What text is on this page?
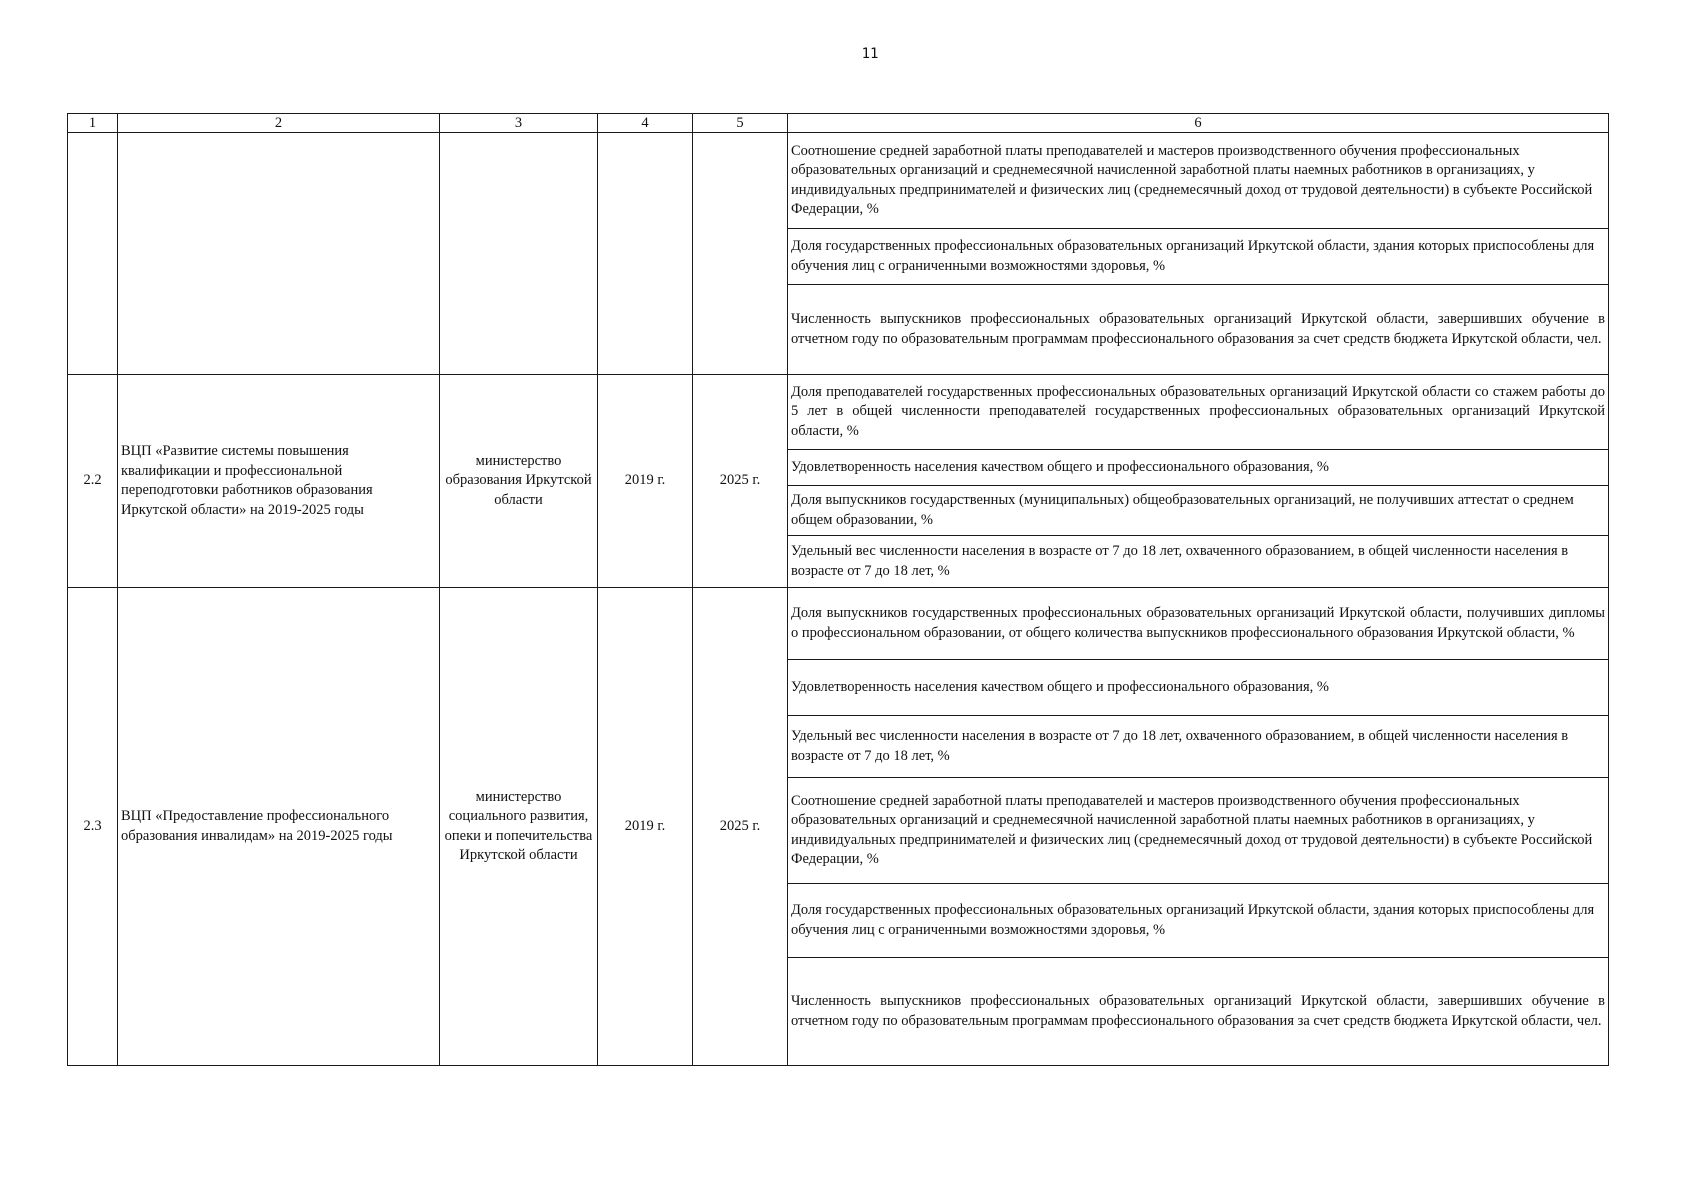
11
1	2	3	4	5	6
					Соотношение средней заработной платы преподавателей и мастеров производственного обучения профессиональных образовательных организаций и среднемесячной начисленной заработной платы наемных работников в организациях, у индивидуальных предпринимателей и физических лиц (среднемесячный доход от трудовой деятельности) в субъекте Российской Федерации, %
					Доля государственных профессиональных образовательных организаций Иркутской области, здания которых приспособлены для обучения лиц с ограниченными возможностями здоровья, %
					Численность выпускников профессиональных образовательных организаций Иркутской области, завершивших обучение в отчетном году по образовательным программам профессионального образования за счет средств бюджета Иркутской области, чел.
2.2	ВЦП «Развитие системы повышения квалификации и профессиональной переподготовки работников образования Иркутской области» на 2019-2025 годы	министерство образования Иркутской области	2019 г.	2025 г.	Доля преподавателей государственных профессиональных образовательных организаций Иркутской области со стажем работы до 5 лет в общей численности преподавателей государственных профессиональных образовательных организаций Иркутской области, %
					Удовлетворенность населения качеством общего и профессионального образования, %
					Доля выпускников государственных (муниципальных) общеобразовательных организаций, не получивших аттестат о среднем общем образовании, %
					Удельный вес численности населения в возрасте от 7 до 18 лет, охваченного образованием, в общей численности населения в возрасте от 7 до 18 лет, %
2.3	ВЦП «Предоставление профессионального образования инвалидам» на 2019-2025 годы	министерство социального развития, опеки и попечительства Иркутской области	2019 г.	2025 г.	Доля выпускников государственных профессиональных образовательных организаций Иркутской области, получивших дипломы о профессиональном образовании, от общего количества выпускников профессионального образования Иркутской области, %
					Удовлетворенность населения качеством общего и профессионального образования, %
					Удельный вес численности населения в возрасте от 7 до 18 лет, охваченного образованием, в общей численности населения в возрасте от 7 до 18 лет, %
					Соотношение средней заработной платы преподавателей и мастеров производственного обучения профессиональных образовательных организаций и среднемесячной начисленной заработной платы наемных работников в организациях, у индивидуальных предпринимателей и физических лиц (среднемесячный доход от трудовой деятельности) в субъекте Российской Федерации, %
					Доля государственных профессиональных образовательных организаций Иркутской области, здания которых приспособлены для обучения лиц с ограниченными возможностями здоровья, %
					Численность выпускников профессиональных образовательных организаций Иркутской области, завершивших обучение в отчетном году по образовательным программам профессионального образования за счет средств бюджета Иркутской области, чел.
